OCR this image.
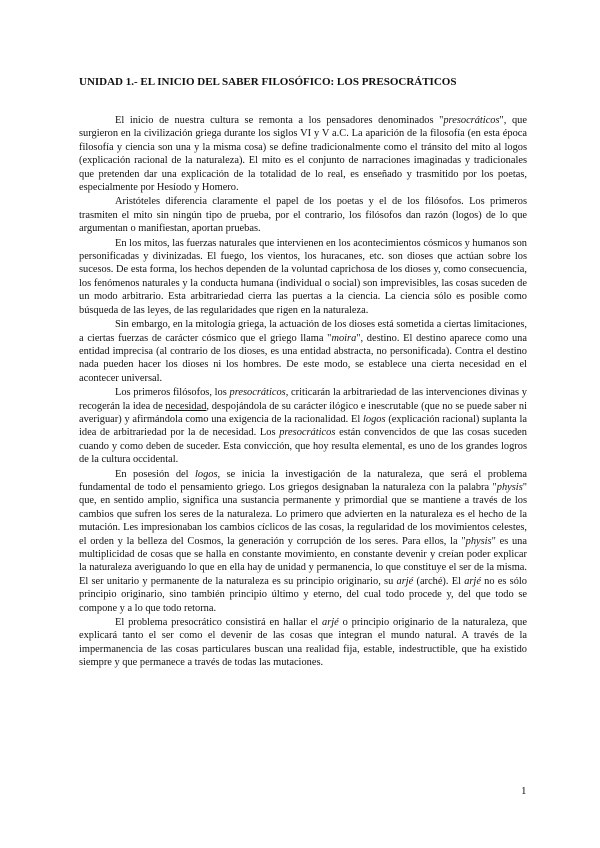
UNIDAD 1.- EL INICIO DEL SABER FILOSÓFICO: LOS PRESOCRÁTICOS

El inicio de nuestra cultura se remonta a los pensadores denominados "presocráticos", que surgieron en la civilización griega durante los siglos VI y V a.C. La aparición de la filosofía (en esta época filosofía y ciencia son una y la misma cosa) se define tradicionalmente como el tránsito del mito al logos (explicación racional de la naturaleza). El mito es el conjunto de narraciones imaginadas y tradicionales que pretenden dar una explicación de la totalidad de lo real, es enseñado y trasmitido por los poetas, especialmente por Hesíodo y Homero.

Aristóteles diferencia claramente el papel de los poetas y el de los filósofos. Los primeros trasmiten el mito sin ningún tipo de prueba, por el contrario, los filósofos dan razón (logos) de lo que argumentan o manifiestan, aportan pruebas.

En los mitos, las fuerzas naturales que intervienen en los acontecimientos cósmicos y humanos son personificadas y divinizadas. El fuego, los vientos, los huracanes, etc. son dioses que actúan sobre los sucesos. De esta forma, los hechos dependen de la voluntad caprichosa de los dioses y, como consecuencia, los fenómenos naturales y la conducta humana (individual o social) son imprevisibles, las cosas suceden de un modo arbitrario. Esta arbitrariedad cierra las puertas a la ciencia. La ciencia sólo es posible como búsqueda de las leyes, de las regularidades que rigen en la naturaleza.

Sin embargo, en la mitología griega, la actuación de los dioses está sometida a ciertas limitaciones, a ciertas fuerzas de carácter cósmico que el griego llama "moira", destino. El destino aparece como una entidad imprecisa (al contrario de los dioses, es una entidad abstracta, no personificada). Contra el destino nada pueden hacer los dioses ni los hombres. De este modo, se establece una cierta necesidad en el acontecer universal.

Los primeros filósofos, los presocráticos, criticarán la arbitrariedad de las intervenciones divinas y recogerán la idea de necesidad, despojándola de su carácter ilógico e inescrutable (que no se puede saber ni averiguar) y afirmándola como una exigencia de la racionalidad. El logos (explicación racional) suplanta la idea de arbitrariedad por la de necesidad. Los presocráticos están convencidos de que las cosas suceden cuando y como deben de suceder. Esta convicción, que hoy resulta elemental, es uno de los grandes logros de la cultura occidental.

En posesión del logos, se inicia la investigación de la naturaleza, que será el problema fundamental de todo el pensamiento griego. Los griegos designaban la naturaleza con la palabra "physis" que, en sentido amplio, significa una sustancia permanente y primordial que se mantiene a través de los cambios que sufren los seres de la naturaleza. Lo primero que advierten en la naturaleza es el hecho de la mutación. Les impresionaban los cambios cíclicos de las cosas, la regularidad de los movimientos celestes, el orden y la belleza del Cosmos, la generación y corrupción de los seres. Para ellos, la "physis" es una multiplicidad de cosas que se halla en constante movimiento, en constante devenir y creían poder explicar la naturaleza averiguando lo que en ella hay de unidad y permanencia, lo que constituye el ser de la misma. El ser unitario y permanente de la naturaleza es su principio originario, su arjé (arché). El arjé no es sólo principio originario, sino también principio último y eterno, del cual todo procede y, del que todo se compone y a lo que todo retorna.

El problema presocrático consistirá en hallar el arjé o principio originario de la naturaleza, que explicará tanto el ser como el devenir de las cosas que integran el mundo natural. A través de la impermanencia de las cosas particulares buscan una realidad fija, estable, indestructible, que ha existido siempre y que permanece a través de todas las mutaciones.

1
